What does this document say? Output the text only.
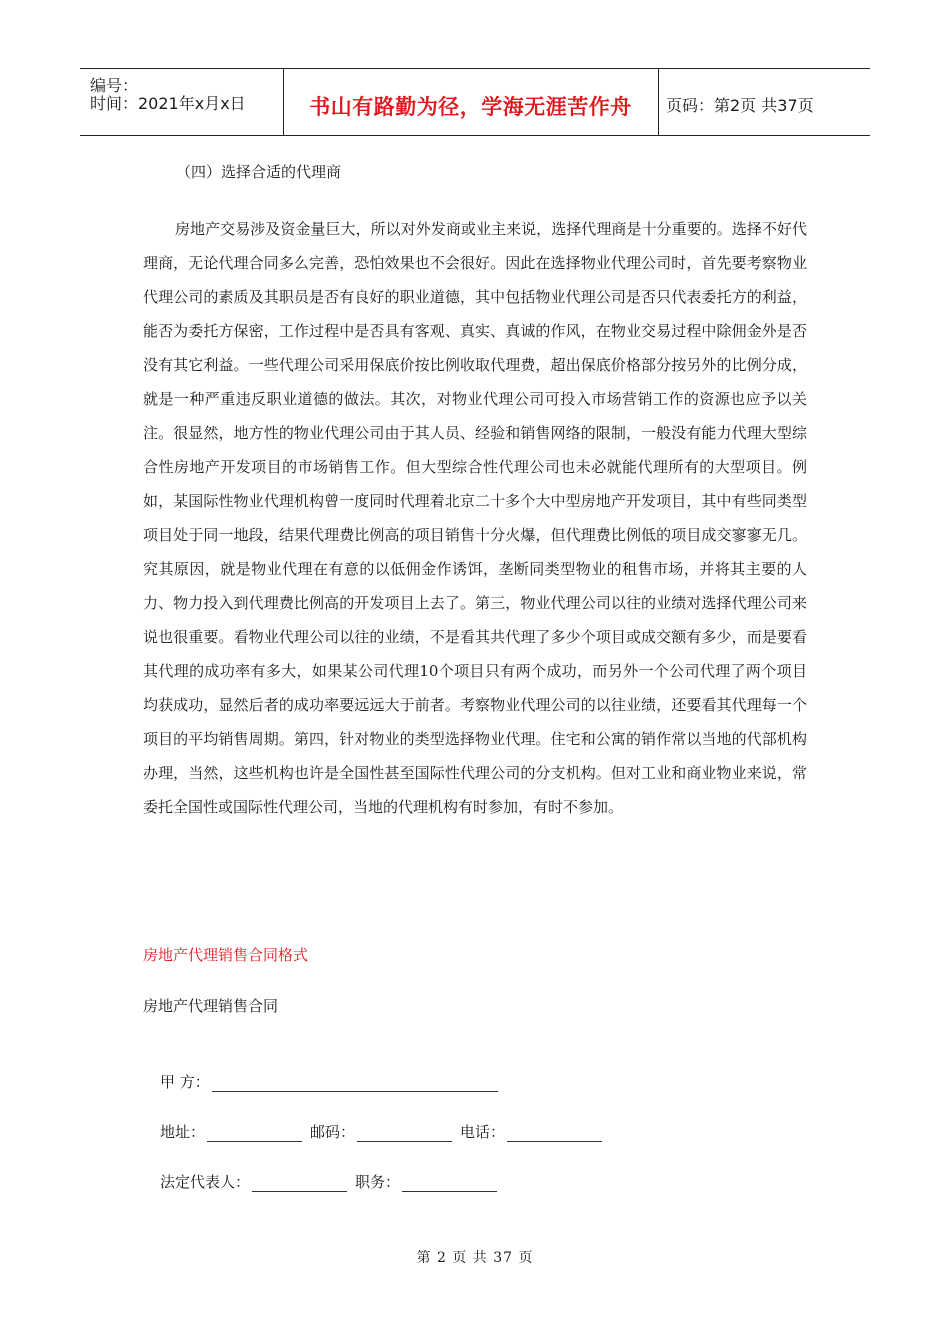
编号：
时间：2021年x月x日	书山有路勤为径，学海无涯苦作舟	页码：第2页 共37页
（四）选择合适的代理商
房地产交易涉及资金量巨大，所以对外发商或业主来说，选择代理商是十分重要的。选择不好代理商，无论代理合同多么完善，恐怕效果也不会很好。因此在选择物业代理公司时，首先要考察物业代理公司的素质及其职员是否有良好的职业道德，其中包括物业代理公司是否只代表委托方的利益，能否为委托方保密，工作过程中是否具有客观、真实、真诚的作风，在物业交易过程中除佣金外是否没有其它利益。一些代理公司采用保底价按比例收取代理费，超出保底价格部分按另外的比例分成，就是一种严重违反职业道德的做法。其次，对物业代理公司可投入市场营销工作的资源也应予以关注。很显然，地方性的物业代理公司由于其人员、经验和销售网络的限制，一般没有能力代理大型综合性房地产开发项目的市场销售工作。但大型综合性代理公司也未必就能代理所有的大型项目。例如，某国际性物业代理机构曾一度同时代理着北京二十多个大中型房地产开发项目，其中有些同类型项目处于同一地段，结果代理费比例高的项目销售十分火爆，但代理费比例低的项目成交寥寥无几。究其原因，就是物业代理在有意的以低佣金作诱饵，垄断同类型物业的租售市场，并将其主要的人力、物力投入到代理费比例高的开发项目上去了。第三，物业代理公司以往的业绩对选择代理公司来说也很重要。看物业代理公司以往的业绩，不是看其共代理了多少个项目或成交额有多少，而是要看其代理的成功率有多大，如果某公司代理10个项目只有两个成功，而另外一个公司代理了两个项目均获成功，显然后者的成功率要远远大于前者。考察物业代理公司的以往业绩，还要看其代理每一个项目的平均销售周期。第四，针对物业的类型选择物业代理。住宅和公寓的销作常以当地的代部机构办理，当然，这些机构也许是全国性甚至国际性代理公司的分支机构。但对工业和商业物业来说，常委托全国性或国际性代理公司，当地的代理机构有时参加，有时不参加。
房地产代理销售合同格式
房地产代理销售合同
甲 方：
地址：	邮码：	电话：
法定代表人：	职务：
第 2 页 共 37 页
